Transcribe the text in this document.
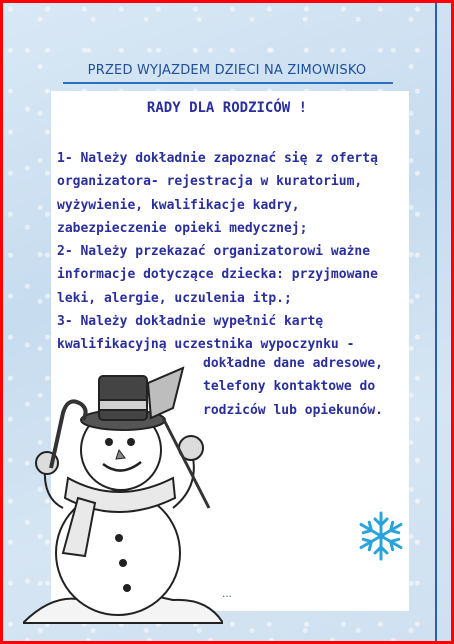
PRZED WYJAZDEM DZIECI NA ZIMOWISKO
RADY DLA RODZICÓW !
1- Należy dokładnie zapoznać się z ofertą
organizatora- rejestracja w kuratorium,
wyżywienie, kwalifikacje kadry,
zabezpieczenie opieki medycznej;
2- Należy przekazać organizatorowi ważne
informacje dotyczące dziecka: przyjmowane
leki, alergie, uczulenia itp.;
3- Należy dokładnie wypełnić kartę
kwalifikacyjną uczestnika wypoczynku -
dokładne dane adresowe,
telefony kontaktowe do
rodziców lub opiekunów.
...
